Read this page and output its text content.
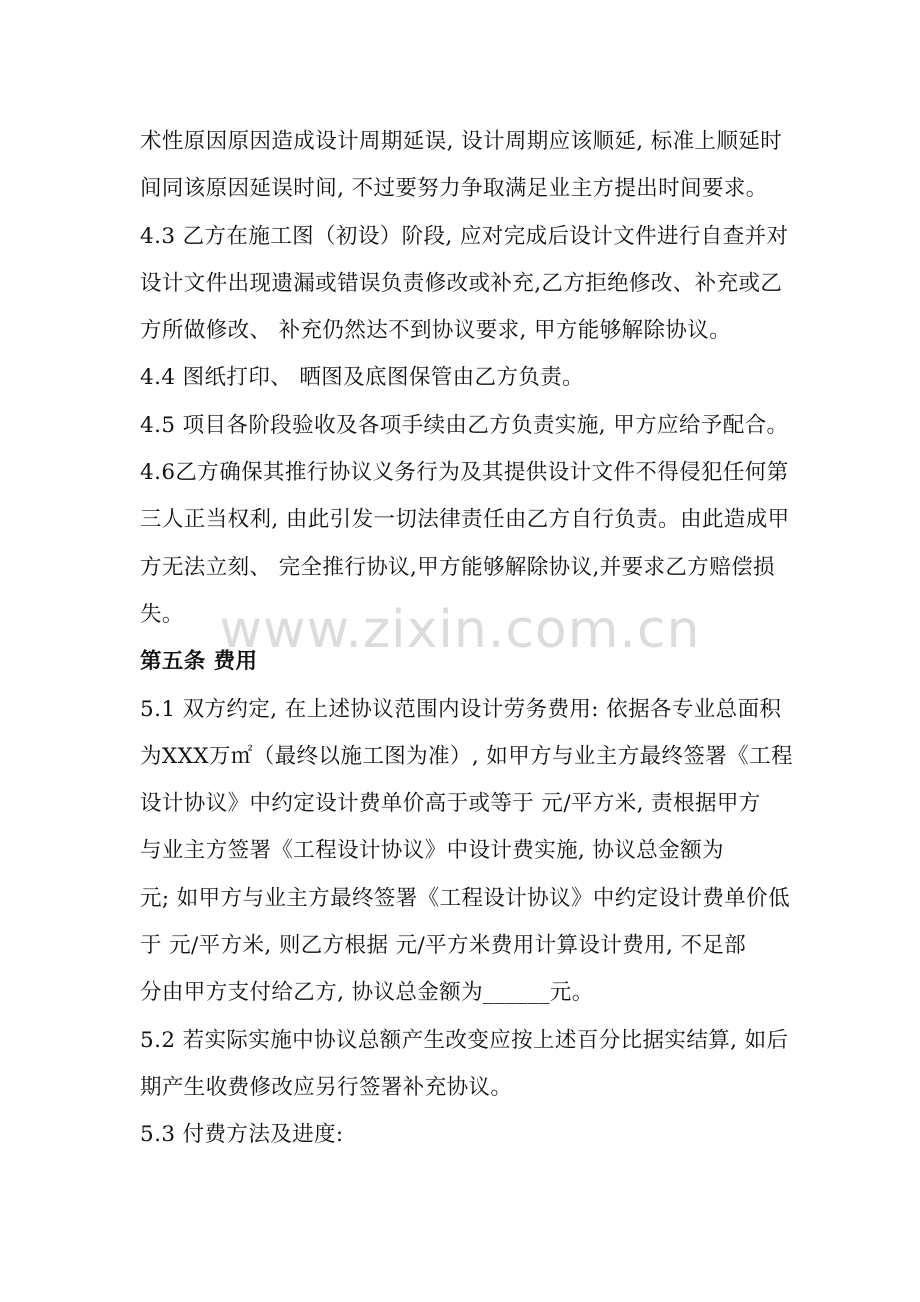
术性原因原因造成设计周期延误, 设计周期应该顺延, 标准上顺延时
间同该原因延误时间, 不过要努力争取满足业主方提出时间要求。
4.3 乙方在施工图（初设）阶段, 应对完成后设计文件进行自查并对
设计文件出现遗漏或错误负责修改或补充,乙方拒绝修改、补充或乙
方所做修改、 补充仍然达不到协议要求, 甲方能够解除协议。
4.4 图纸打印、 晒图及底图保管由乙方负责。
4.5 项目各阶段验收及各项手续由乙方负责实施, 甲方应给予配合。
4.6乙方确保其推行协议义务行为及其提供设计文件不得侵犯任何第
三人正当权利, 由此引发一切法律责任由乙方自行负责。由此造成甲
方无法立刻、 完全推行协议,甲方能够解除协议,并要求乙方赔偿损
失。
第五条 费用
5.1 双方约定, 在上述协议范围内设计劳务费用: 依据各专业总面积
为XXX万㎡（最终以施工图为准）, 如甲方与业主方最终签署《工程
设计协议》中约定设计费单价高于或等于 元/平方米, 责根据甲方
与业主方签署《工程设计协议》中设计费实施, 协议总金额为
元; 如甲方与业主方最终签署《工程设计协议》中约定设计费单价低
于 元/平方米, 则乙方根据 元/平方米费用计算设计费用, 不足部
分由甲方支付给乙方, 协议总金额为______元。
5.2 若实际实施中协议总额产生改变应按上述百分比据实结算, 如后
期产生收费修改应另行签署补充协议。
5.3 付费方法及进度:
www.zixin.com.cn
